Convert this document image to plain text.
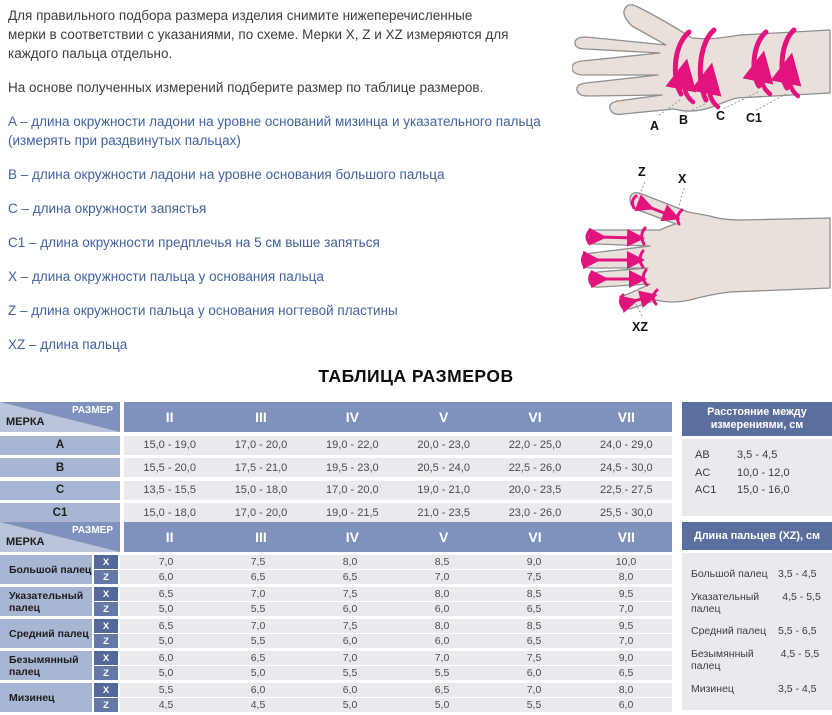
Для правильного подбора размера изделия снимите нижеперечисленные мерки в соответствии с указаниями, по схеме. Мерки X, Z и XZ измеряются для каждого пальца отдельно.

На основе полученных измерений подберите размер по таблице размеров.

A – длина окружности ладони на уровне оснований мизинца и указательного пальца (измерять при раздвинутых пальцах)

B – длина окружности ладони на уровне основания большого пальца

C – длина окружности запястья

C1 – длина окружности предплечья на 5 см выше запяться

X – длина окружности пальца у основания пальца

Z – длина окружности пальца у основания ногтевой пластины

XZ – длина пальца

A B C C1
Z	X
XZ
ТАБЛИЦА РАЗМЕРОВ
РАЗМЕР
МЕРКА	II	III	IV	V	VI	VII
A	15,0 - 19,0	17,0 - 20,0	19,0 - 22,0	20,0 - 23,0	22,0 - 25,0	24,0 - 29,0
B	15,5 - 20,0	17,5 - 21,0	19,5 - 23,0	20,5 - 24,0	22,5 - 26,0	24,5 - 30,0
C	13,5 - 15,5	15,0 - 18,0	17,0 - 20,0	19,0 - 21,0	20,0 - 23,5	22,5 - 27,5
C1	15,0 - 18,0	17,0 - 20,0	19,0 - 21,5	21,0 - 23,5	23,0 - 26,0	25,5 - 30,0
Расстояние между измерениями, см
AB	3,5 - 4,5
AC	10,0 - 12,0
AC1	15,0 - 16,0
РАЗМЕР
МЕРКА	II	III	IV	V	VI	VII
Большой палец
X	7,0	7,5	8,0	8,5	9,0	10,0
Z	6,0	6,5	6,5	7,0	7,5	8,0
Указательный палец
X	6,5	7,0	7,5	8,0	8,5	9,5
Z	5,0	5,5	6,0	6,0	6,5	7,0
Средний палец
X	6,5	7,0	7,5	8,0	8,5	9,5
Z	5,0	5,5	6,0	6,0	6,5	7,0
Безымянный палец
X	6,0	6,5	7,0	7,0	7,5	9,0
Z	5,0	5,0	5,5	5,5	6,0	6,5
Мизинец
X	5,5	6,0	6,0	6,5	7,0	8,0
Z	4,5	4,5	5,0	5,0	5,5	6,0
Длина пальцев (XZ), см
Большой палец 3,5 - 4,5
Указательный палец
4,5 - 5,5
Средний палец 5,5 - 6,5
Безымянный палец
4,5 - 5,5
Мизинец	3,5 - 4,5
